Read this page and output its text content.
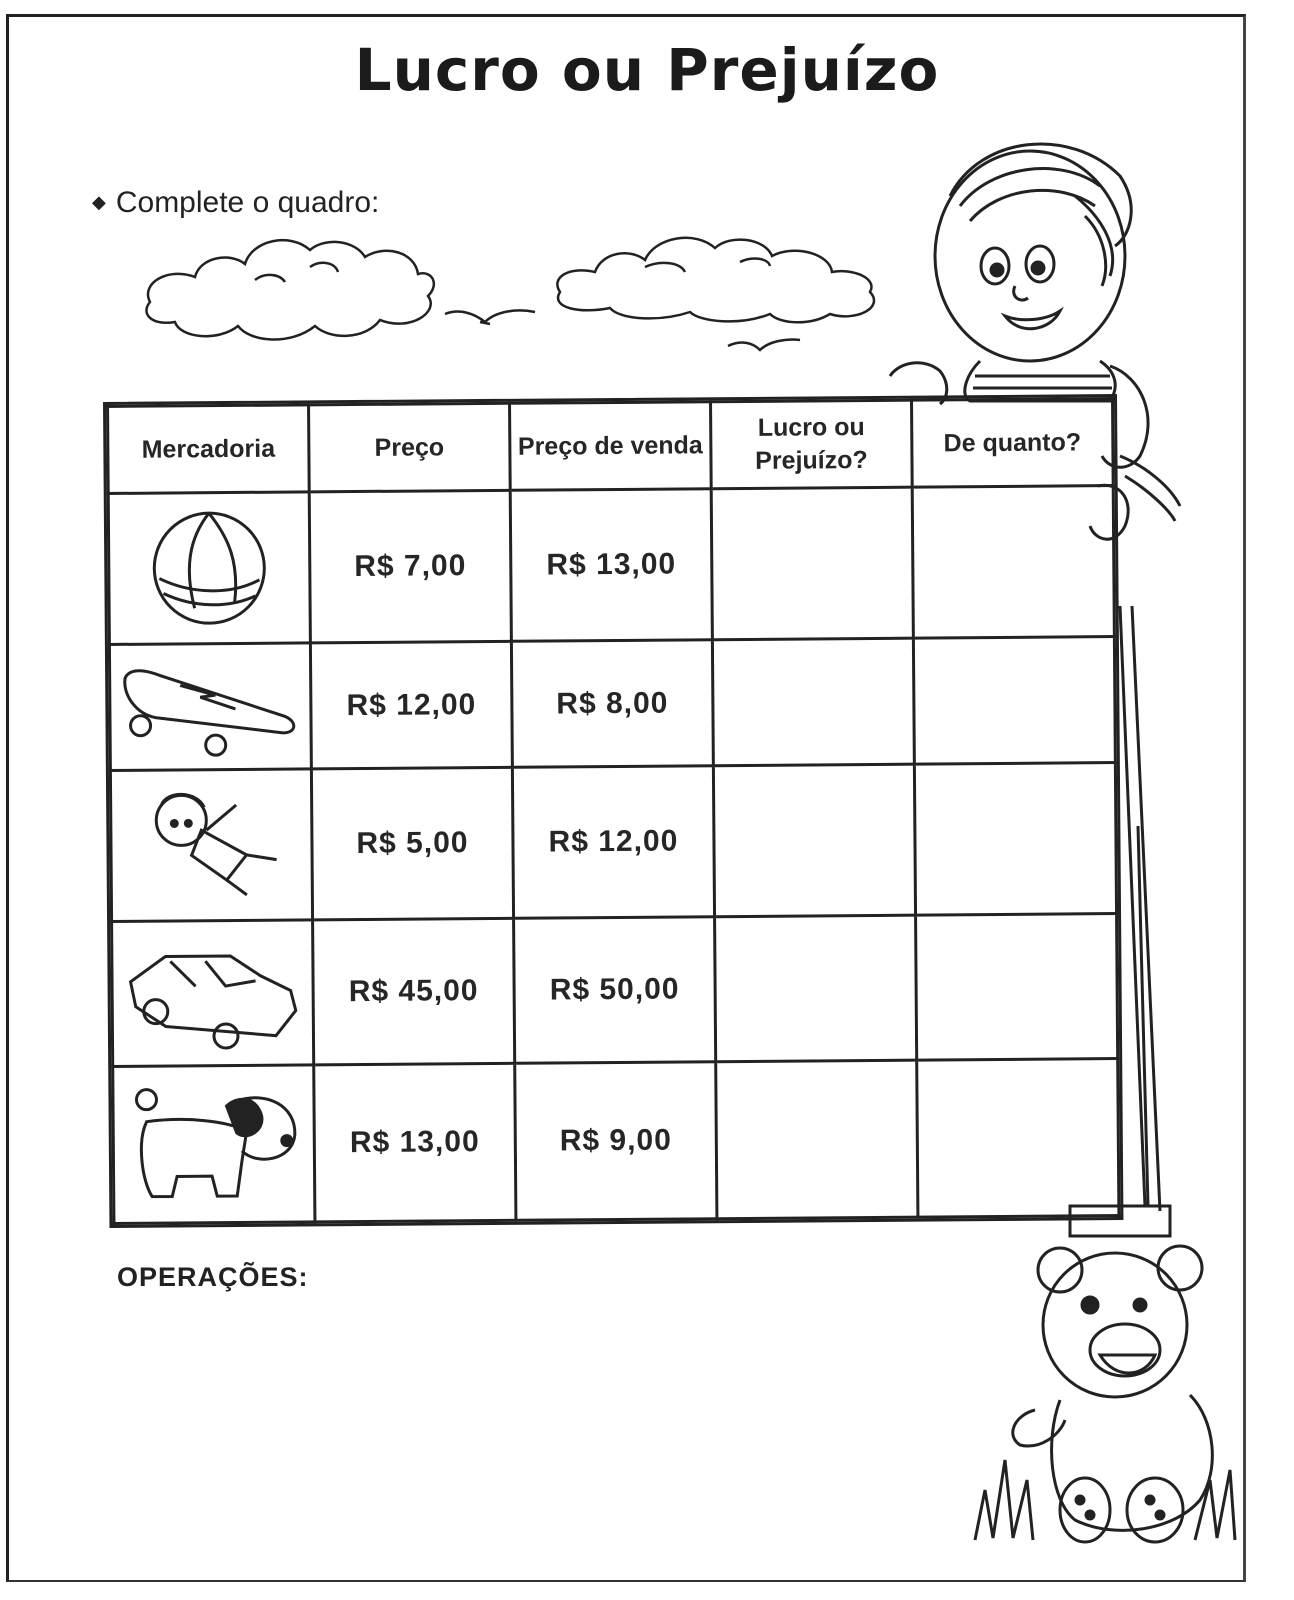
Lucro ou Prejuízo
◆ Complete o quadro:
Mercadoria	Preço	Preço de venda	Lucro ou Prejuízo?	De quanto?

	R$ 7,00	R$ 13,00		

	R$ 12,00	R$ 8,00		

	R$ 5,00	R$ 12,00		

	R$ 45,00	R$ 50,00		

	R$ 13,00	R$ 9,00		
OPERAÇÕES:
